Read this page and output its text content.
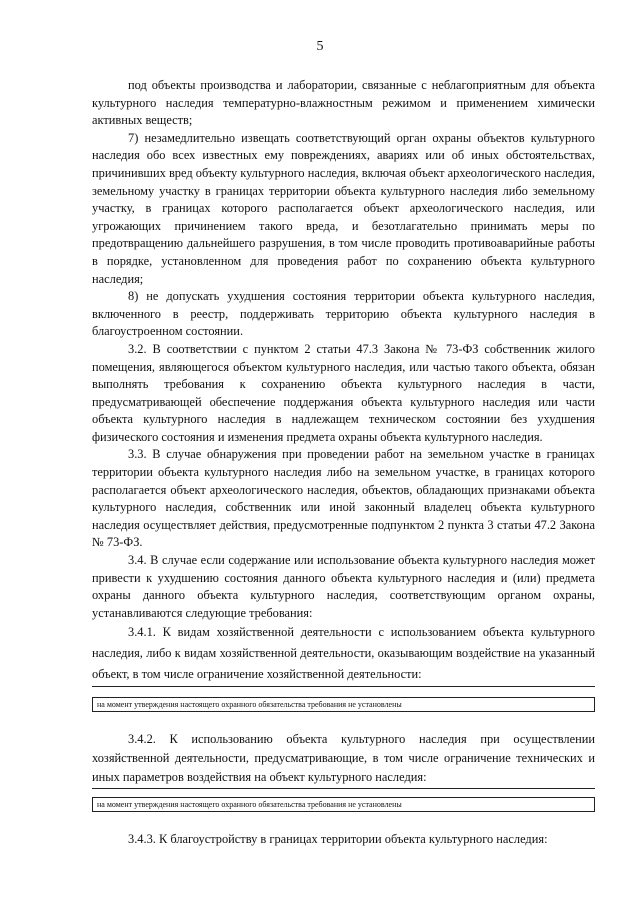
5

под объекты производства и лаборатории, связанные с неблагоприятным для объекта культурного наследия температурно-влажностным режимом и применением химически активных веществ;

7) незамедлительно извещать соответствующий орган охраны объектов культурного наследия обо всех известных ему повреждениях, авариях или об иных обстоятельствах, причинивших вред объекту культурного наследия, включая объект археологического наследия, земельному участку в границах территории объекта культурного наследия либо земельному участку, в границах которого располагается объект археологического наследия, или угрожающих причинением такого вреда, и безотлагательно принимать меры по предотвращению дальнейшего разрушения, в том числе проводить противоаварийные работы в порядке, установленном для проведения работ по сохранению объекта культурного наследия;

8) не допускать ухудшения состояния территории объекта культурного наследия, включенного в реестр, поддерживать территорию объекта культурного наследия в благоустроенном состоянии.

3.2. В соответствии с пунктом 2 статьи 47.3 Закона № 73-ФЗ собственник жилого помещения, являющегося объектом культурного наследия, или частью такого объекта, обязан выполнять требования к сохранению объекта культурного наследия в части, предусматривающей обеспечение поддержания объекта культурного наследия или части объекта культурного наследия в надлежащем техническом состоянии без ухудшения физического состояния и изменения предмета охраны объекта культурного наследия.

3.3. В случае обнаружения при проведении работ на земельном участке в границах территории объекта культурного наследия либо на земельном участке, в границах которого располагается объект археологического наследия, объектов, обладающих признаками объекта культурного наследия, собственник или иной законный владелец объекта культурного наследия осуществляет действия, предусмотренные подпунктом 2 пункта 3 статьи 47.2 Закона № 73-ФЗ.

3.4. В случае если содержание или использование объекта культурного наследия может привести к ухудшению состояния данного объекта культурного наследия и (или) предмета охраны данного объекта культурного наследия, соответствующим органом охраны, устанавливаются следующие требования:

3.4.1. К видам хозяйственной деятельности с использованием объекта культурного наследия, либо к видам хозяйственной деятельности, оказывающим воздействие на указанный объект, в том числе ограничение хозяйственной деятельности:

на момент утверждения настоящего охранного обязательства требования не установлены

3.4.2. К использованию объекта культурного наследия при осуществлении хозяйственной деятельности, предусматривающие, в том числе ограничение технических и иных параметров воздействия на объект культурного наследия:

на момент утверждения настоящего охранного обязательства требования не установлены

3.4.3. К благоустройству в границах территории объекта культурного наследия:
